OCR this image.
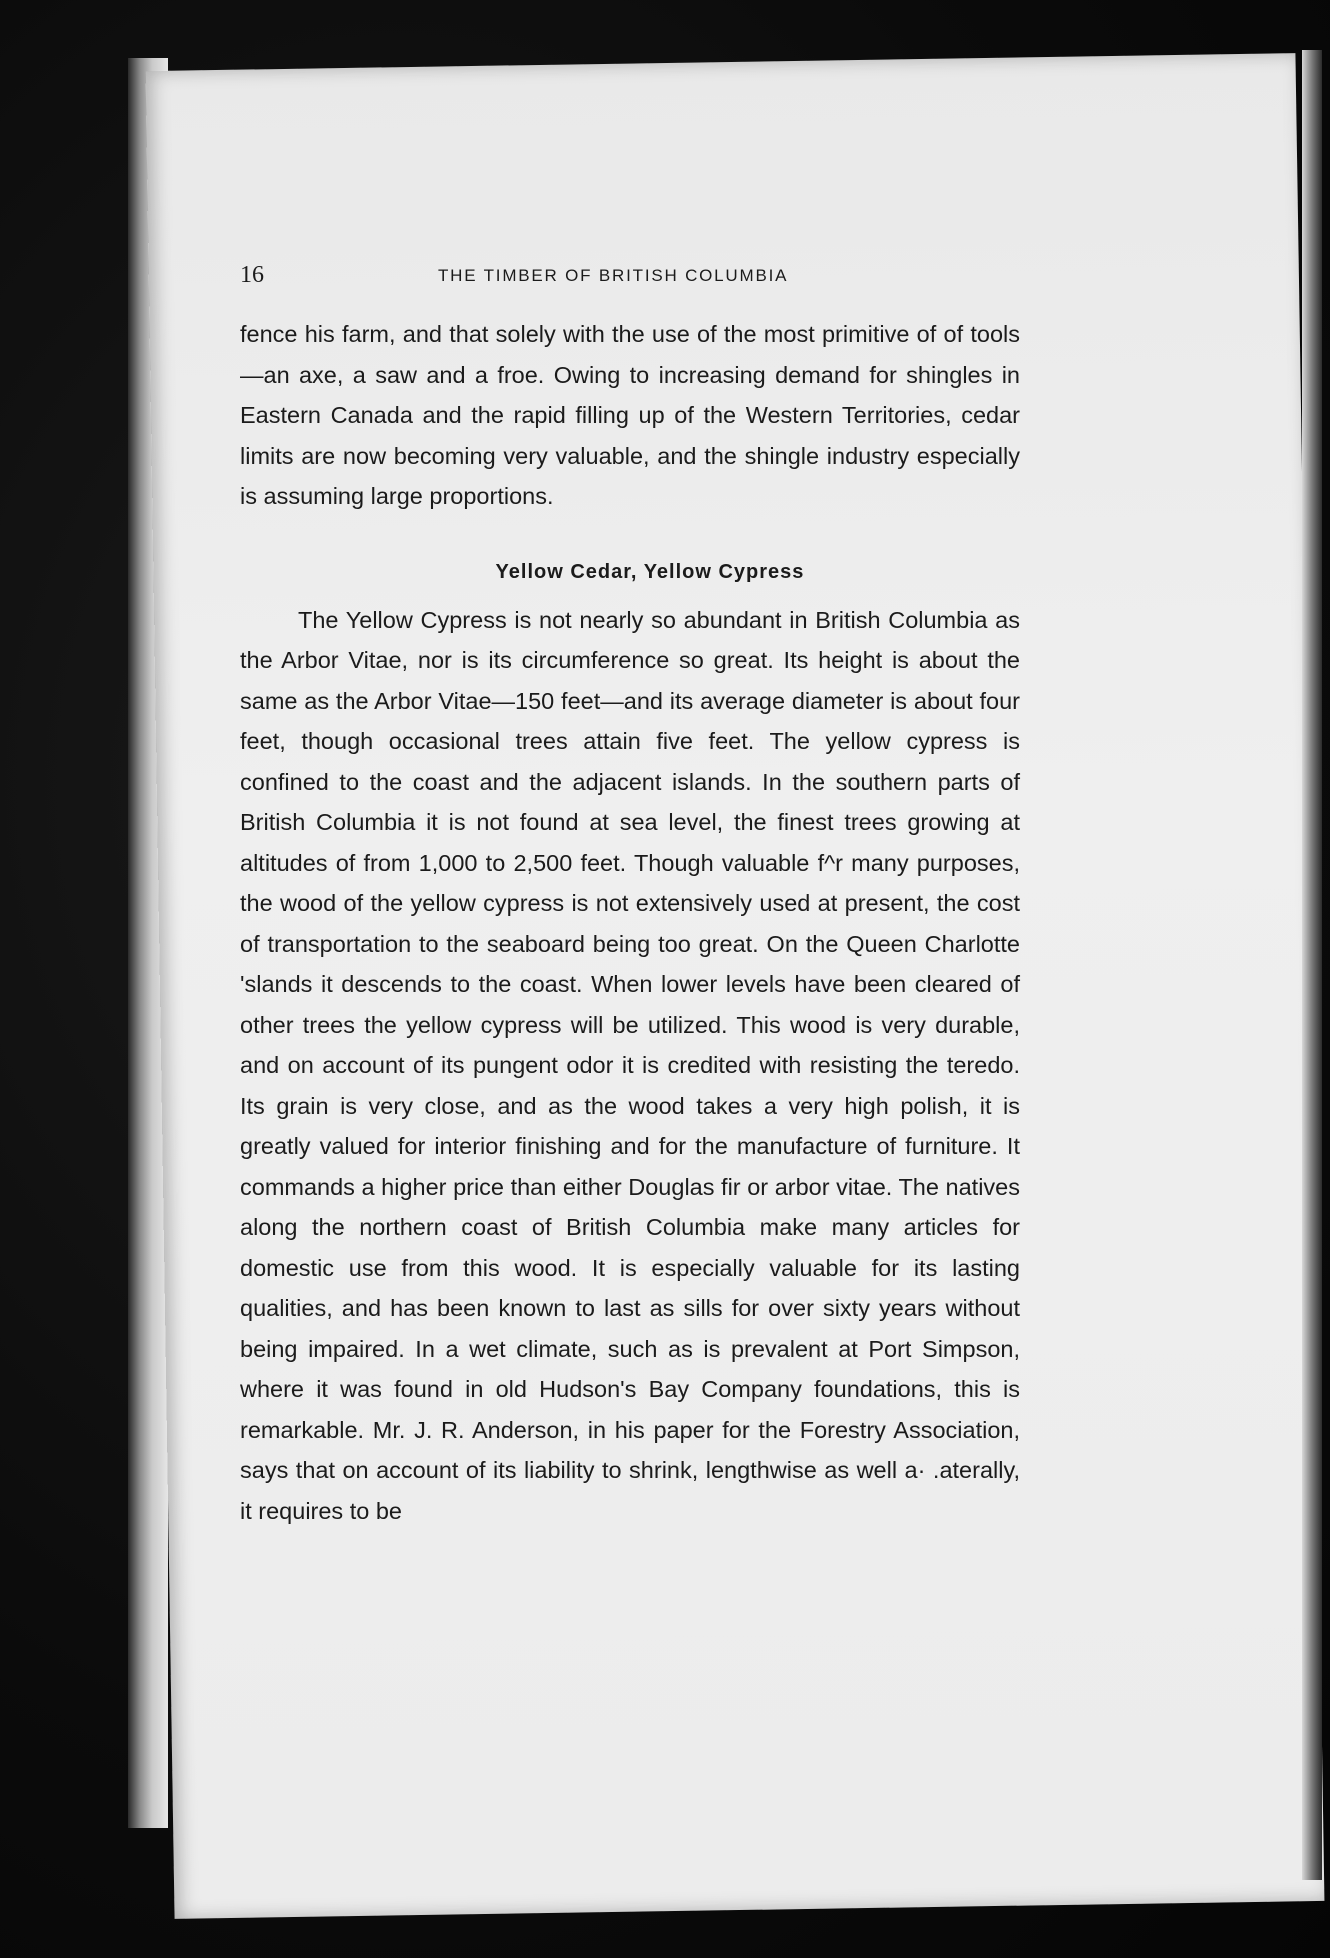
16	THE TIMBER OF BRITISH COLUMBIA

fence his farm, and that solely with the use of the most primitive of of tools—an axe, a saw and a froe. Owing to increasing demand for shingles in Eastern Canada and the rapid filling up of the Western Territories, cedar limits are now becoming very valuable, and the shingle industry especially is assuming large proportions.

Yellow Cedar, Yellow Cypress

The Yellow Cypress is not nearly so abundant in British Columbia as the Arbor Vitae, nor is its circumference so great. Its height is about the same as the Arbor Vitae—150 feet—and its average diameter is about four feet, though occasional trees attain five feet. The yellow cypress is confined to the coast and the adjacent islands. In the southern parts of British Columbia it is not found at sea level, the finest trees growing at altitudes of from 1,000 to 2,500 feet. Though valuable f^r many purposes, the wood of the yellow cypress is not extensively used at present, the cost of transportation to the seaboard being too great. On the Queen Charlotte 'slands it descends to the coast. When lower levels have been cleared of other trees the yellow cypress will be utilized. This wood is very durable, and on account of its pungent odor it is credited with resisting the teredo. Its grain is very close, and as the wood takes a very high polish, it is greatly valued for interior finishing and for the manufacture of furniture. It commands a higher price than either Douglas fir or arbor vitae. The natives along the northern coast of British Columbia make many articles for domestic use from this wood. It is especially valuable for its lasting qualities, and has been known to last as sills for over sixty years without being impaired. In a wet climate, such as is prevalent at Port Simpson, where it was found in old Hudson's Bay Company foundations, this is remarkable. Mr. J. R. Anderson, in his paper for the Forestry Association, says that on account of its liability to shrink, lengthwise as well a· .aterally, it requires to be
